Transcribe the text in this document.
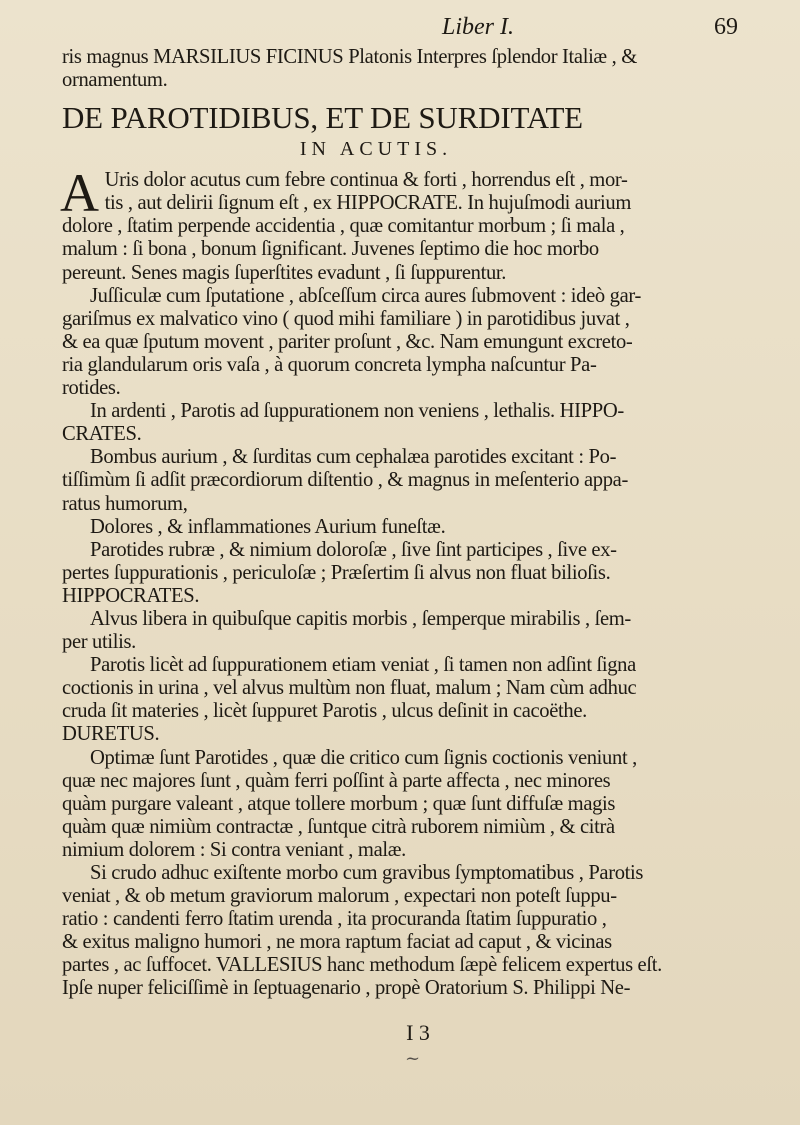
Liber I.	69
ris magnus MARSILIUS FICINUS Platonis Interpres ſplendor Italiæ , &
ornamentum.
DE PAROTIDIBUS, ET DE SURDITATE
IN ACUTIS.
A Uris dolor acutus cum febre continua & forti , horrendus eſt , mor-
tis , aut delirii ſignum eſt , ex HIPPOCRATE. In hujuſmodi aurium
dolore , ſtatim perpende accidentia , quæ comitantur morbum ; ſi mala ,
malum : ſi bona , bonum ſignificant. Juvenes ſeptimo die hoc morbo
pereunt. Senes magis ſuperſtites evadunt , ſi ſuppurentur.
Juſſiculæ cum ſputatione , abſceſſum circa aures ſubmovent : ideò gar-
gariſmus ex malvatico vino ( quod mihi familiare ) in parotidibus juvat ,
& ea quæ ſputum movent , pariter proſunt , &c. Nam emungunt excreto-
ria glandularum oris vaſa , à quorum concreta lympha naſcuntur Pa-
rotides.
In ardenti , Parotis ad ſuppurationem non veniens , lethalis. HIPPO-
CRATES.
Bombus aurium , & ſurditas cum cephalæa parotides excitant : Po-
tiſſimùm ſi adſit præcordiorum diſtentio , & magnus in meſenterio appa-
ratus humorum,
Dolores , & inflammationes Aurium funeſtæ.
Parotides rubræ , & nimium doloroſæ , ſive ſint participes , ſive ex-
pertes ſuppurationis , periculoſæ ; Præſertim ſi alvus non fluat bilioſis.
HIPPOCRATES.
Alvus libera in quibuſque capitis morbis , ſemperque mirabilis , ſem-
per utilis.
Parotis licèt ad ſuppurationem etiam veniat , ſi tamen non adſint ſigna
coctionis in urina , vel alvus multùm non fluat, malum ; Nam cùm adhuc
cruda ſit materies , licèt ſuppuret Parotis , ulcus deſinit in cacoëthe.
DURETUS.
Optimæ ſunt Parotides , quæ die critico cum ſignis coctionis veniunt ,
quæ nec majores ſunt , quàm ferri poſſint à parte affecta , nec minores
quàm purgare valeant , atque tollere morbum ; quæ ſunt diffuſæ magis
quàm quæ nimiùm contractæ , ſuntque citrà ruborem nimiùm , & citrà
nimium dolorem : Si contra veniant , malæ.
Si crudo adhuc exiſtente morbo cum gravibus ſymptomatibus , Parotis
veniat , & ob metum graviorum malorum , expectari non poteſt ſuppu-
ratio : candenti ferro ſtatim urenda , ita procuranda ſtatim ſuppuratio ,
& exitus maligno humori , ne mora raptum faciat ad caput , & vicinas
partes , ac ſuffocet. VALLESIUS hanc methodum ſæpè felicem expertus eſt.
Ipſe nuper feliciſſimè in ſeptuagenario , propè Oratorium S. Philippi Ne-
I 3
~
